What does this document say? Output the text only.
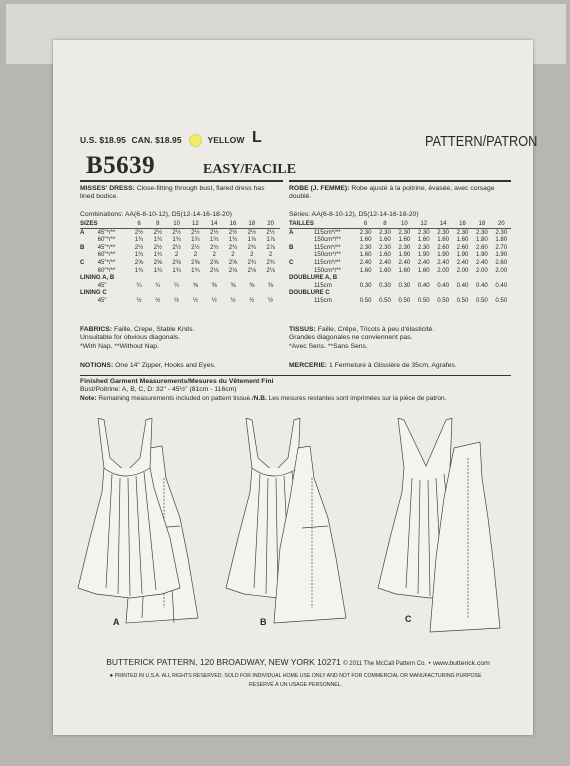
U.S. $18.95 CAN. $18.95	YELLOW L	PATTERN/PATRON
B5639	EASY/FACILE
MISSES' DRESS: Close-fitting through bust, flared dress has lined bodice.
Combinations: AA(6-8-10-12), D5(12-14-16-18-20)
ROBE (J. FEMME): Robe ajusté à la poitrine, évasée, avec corsage doublé.
Séries: AA(6-8-10-12), D5(12-14-16-18-20)
SIZES		6	8	10	12	14	16	18	20
A	45"*/**	2½	2½	2½	2½	2½	2½	2½	2½
	60"*/**	1¾	1¾	1¾	1¾	1¾	1¾	1⅞	1⅞
B	45"*/**	2½	2½	2½	2½	2¾	2¾	2¾	2⅞
	60"*/**	1¾	1¾	2	2	2	2	2	2
C	45"*/**	2⅝	2⅝	2⅝	2⅝	2⅝	2⅝	2¾	2¾
	60"*/**	1¾	1¾	1¾	1¾	2⅛	2⅛	2⅛	2⅛
LINING A, B									
	45"	¼	¼	¼	⅜	⅜	⅜	⅜	⅜
LINING C									
	45"	½	½	½	½	½	½	½	½
TAILLES		6	8	10	12	14	16	18	20
A	115cm*/**	2.30	2.30	2.30	2.30	2.30	2.30	2.30	2.30
	150cm*/**	1.60	1.60	1.60	1.60	1.60	1.60	1.80	1.80
B	115cm*/**	2.30	2.30	2.30	2.30	2.60	2.60	2.60	2.70
	150cm*/**	1.60	1.60	1.90	1.90	1.90	1.90	1.90	1.90
C	115cm*/**	2.40	2.40	2.40	2.40	2.40	2.40	2.40	2.60
	150cm*/**	1.60	1.60	1.60	1.60	2.00	2.00	2.00	2.00
DOUBLURE A, B									
	115cm	0.30	0.30	0.30	0.40	0.40	0.40	0.40	0.40
DOUBLURE C									
	115cm	0.50	0.50	0.50	0.50	0.50	0.50	0.50	0.50
FABRICS: Faille, Crepe, Stable Knits.
Unsuitable for obvious diagonals.
*With Nap. **Without Nap.
TISSUS: Faille, Crêpe, Tricots à peu d'élasticité.
Grandes diagonales ne conviennent pas.
*Avec Sens. **Sans Sens.
NOTIONS: One 14" Zipper, Hooks and Eyes.	MERCERIE: 1 Fermeture à Glissière de 35cm, Agrafes.
Finished Garment Measurements/Mesures du Vêtement Fini
Bust/Poitrine: A, B, C, D: 32" - 45½" (81cm - 116cm)
Note: Remaining measurements included on pattern tissue./N.B. Les mesures restantes sont imprimées sur la pièce de patron.
A	B	C
BUTTERICK PATTERN, 120 BROADWAY, NEW YORK 10271 © 2011 The McCall Pattern Co. • www.butterick.com
● PRINTED IN U.S.A. ALL RIGHTS RESERVED. SOLD FOR INDIVIDUAL HOME USE ONLY AND NOT FOR COMMERCIAL OR MANUFACTURING PURPOSE
RESERVÉ À UN USAGE PERSONNEL.
